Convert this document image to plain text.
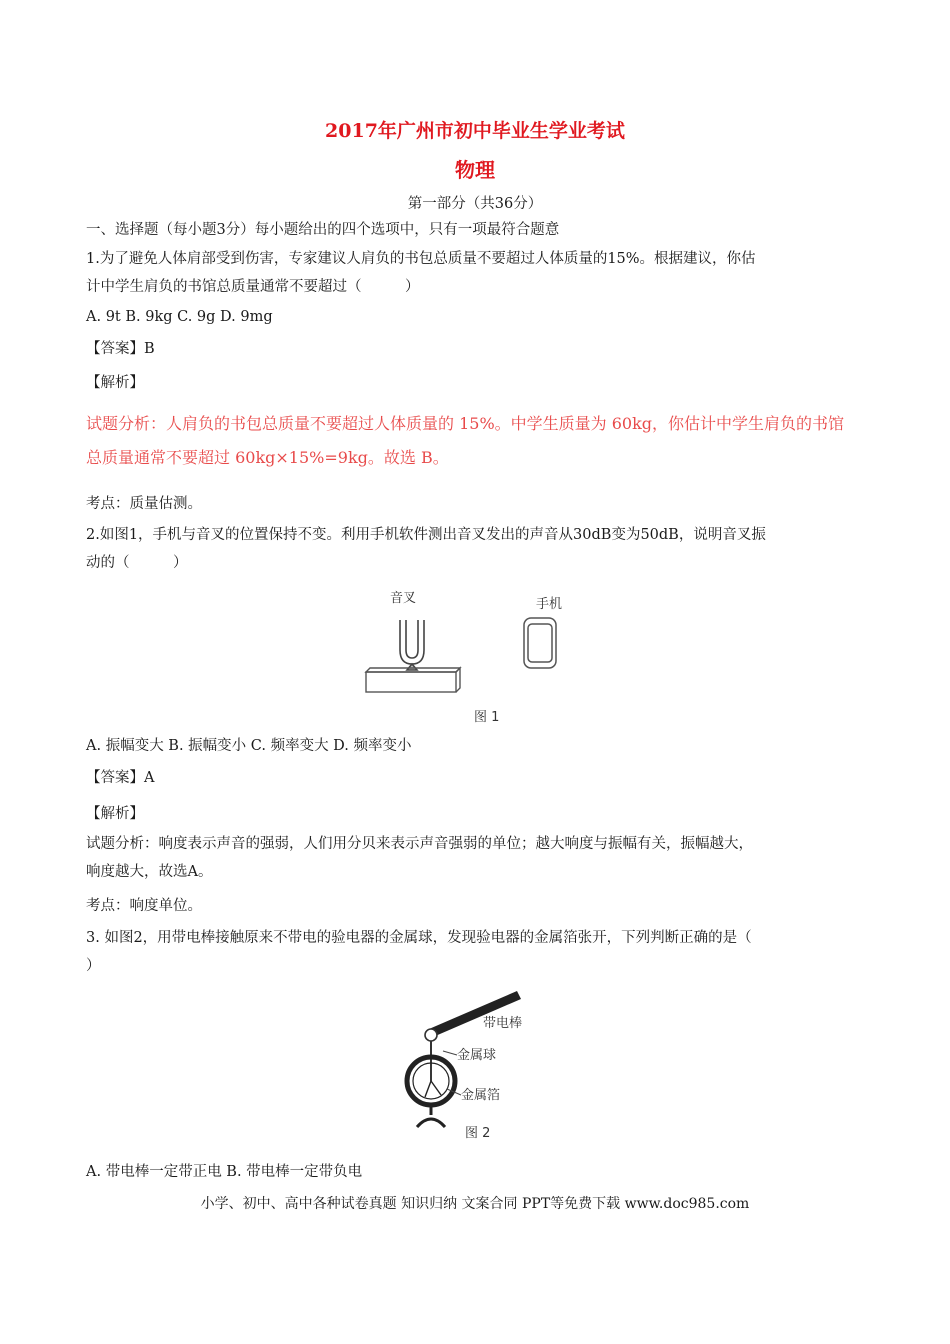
2017年广州市初中毕业生学业考试
物理
第一部分（共36分）
一、选择题（每小题3分）每小题给出的四个选项中，只有一项最符合题意
1.为了避免人体肩部受到伤害，专家建议人肩负的书包总质量不要超过人体质量的15%。根据建议，你估
计中学生肩负的书馆总质量通常不要超过（　　　）
A. 9t B. 9kg C. 9g D. 9mg
【答案】B
【解析】
试题分析：人肩负的书包总质量不要超过人体质量的 15%。中学生质量为 60kg，你估计中学生肩负的书馆
总质量通常不要超过 60kg×15%=9kg。故选 B。
考点：质量估测。
2.如图1，手机与音叉的位置保持不变。利用手机软件测出音叉发出的声音从30dB变为50dB，说明音叉振
动的（　　　）
音叉	手机
图 1
A. 振幅变大 B. 振幅变小 C. 频率变大 D. 频率变小
【答案】A
【解析】
试题分析：响度表示声音的强弱，人们用分贝来表示声音强弱的单位；越大响度与振幅有关，振幅越大，
响度越大，故选A。
考点：响度单位。
3. 如图2，用带电棒接触原来不带电的验电器的金属球，发现验电器的金属箔张开，下列判断正确的是（
）
带电棒
金属球
金属箔
图 2
A. 带电棒一定带正电 B. 带电棒一定带负电
小学、初中、高中各种试卷真题 知识归纳 文案合同 PPT等免费下载 www.doc985.com
